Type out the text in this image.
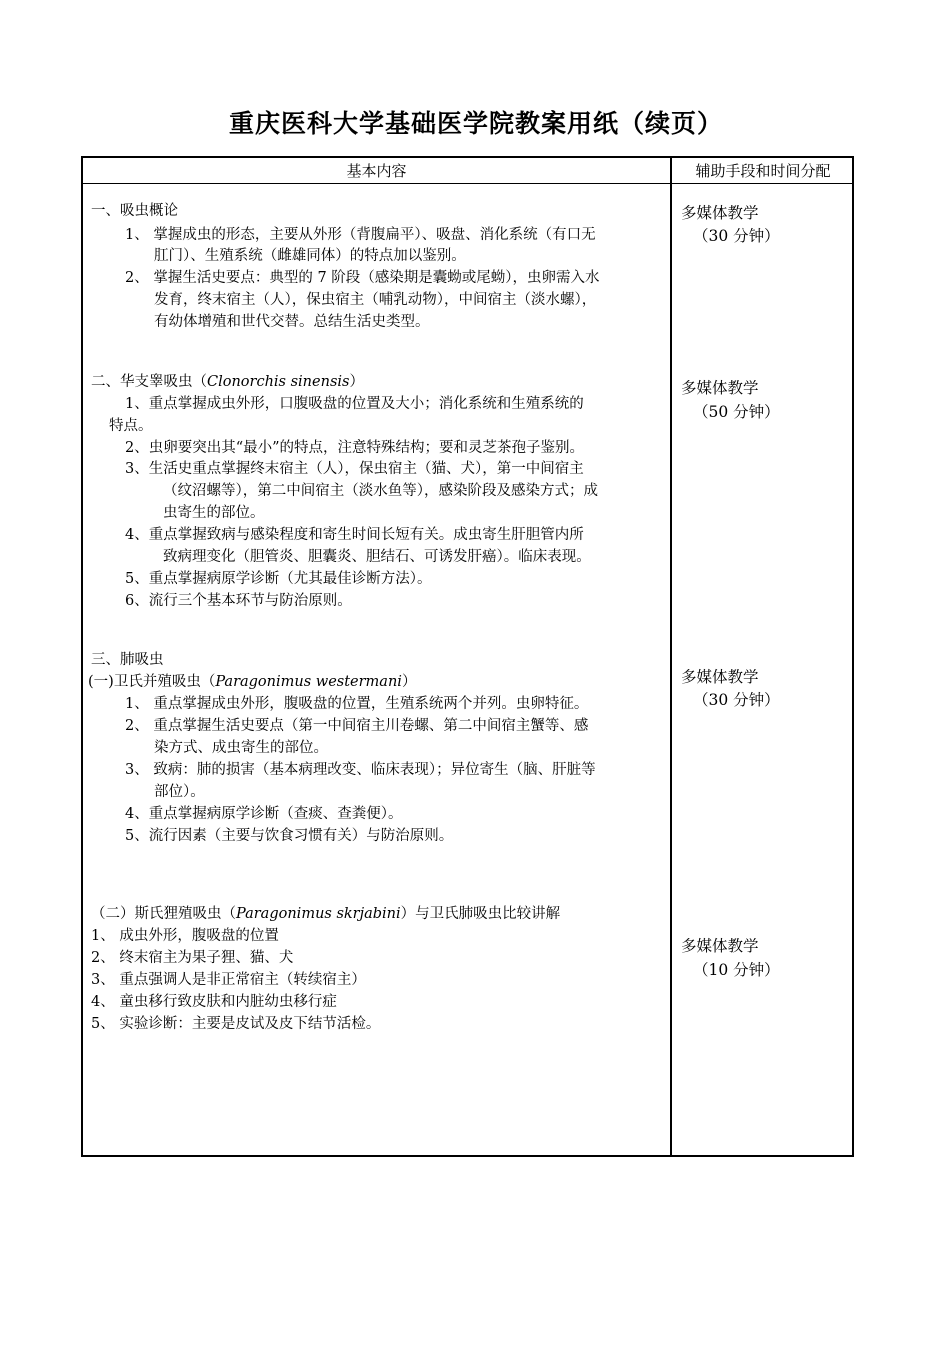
重庆医科大学基础医学院教案用纸（续页）
基本内容	辅助手段和时间分配
一、吸虫概论
1、 掌握成虫的形态，主要从外形（背腹扁平）、吸盘、消化系统（有口无
肛门）、生殖系统（雌雄同体）的特点加以鉴别。
2、 掌握生活史要点：典型的 7 阶段（感染期是囊蚴或尾蚴），虫卵需入水
发育，终末宿主（人），保虫宿主（哺乳动物），中间宿主（淡水螺），
有幼体增殖和世代交替。总结生活史类型。
多媒体教学
（30 分钟）
二、华支睾吸虫（Clonorchis sinensis）
1、重点掌握成虫外形，口腹吸盘的位置及大小；消化系统和生殖系统的
特点。
2、虫卵要突出其“最小”的特点，注意特殊结构；要和灵芝茶孢子鉴别。
3、生活史重点掌握终末宿主（人），保虫宿主（猫、犬），第一中间宿主
（纹沼螺等），第二中间宿主（淡水鱼等），感染阶段及感染方式；成
虫寄生的部位。
4、重点掌握致病与感染程度和寄生时间长短有关。成虫寄生肝胆管内所
致病理变化（胆管炎、胆囊炎、胆结石、可诱发肝癌）。临床表现。
5、重点掌握病原学诊断（尤其最佳诊断方法）。
6、流行三个基本环节与防治原则。
多媒体教学
（50 分钟）
三、肺吸虫
(一)卫氏并殖吸虫（Paragonimus westermani）
1、 重点掌握成虫外形，腹吸盘的位置，生殖系统两个并列。虫卵特征。
2、 重点掌握生活史要点（第一中间宿主川卷螺、第二中间宿主蟹等、感
染方式、成虫寄生的部位。
3、 致病：肺的损害（基本病理改变、临床表现）；异位寄生（脑、肝脏等
部位）。
4、重点掌握病原学诊断（查痰、查粪便）。
5、流行因素（主要与饮食习惯有关）与防治原则。
多媒体教学
（30 分钟）
（二）斯氏狸殖吸虫（Paragonimus skrjabini）与卫氏肺吸虫比较讲解
1、 成虫外形，腹吸盘的位置
2、 终末宿主为果子狸、猫、犬
3、 重点强调人是非正常宿主（转续宿主）
4、 童虫移行致皮肤和内脏幼虫移行症
5、 实验诊断：主要是皮试及皮下结节活检。
多媒体教学
（10 分钟）
